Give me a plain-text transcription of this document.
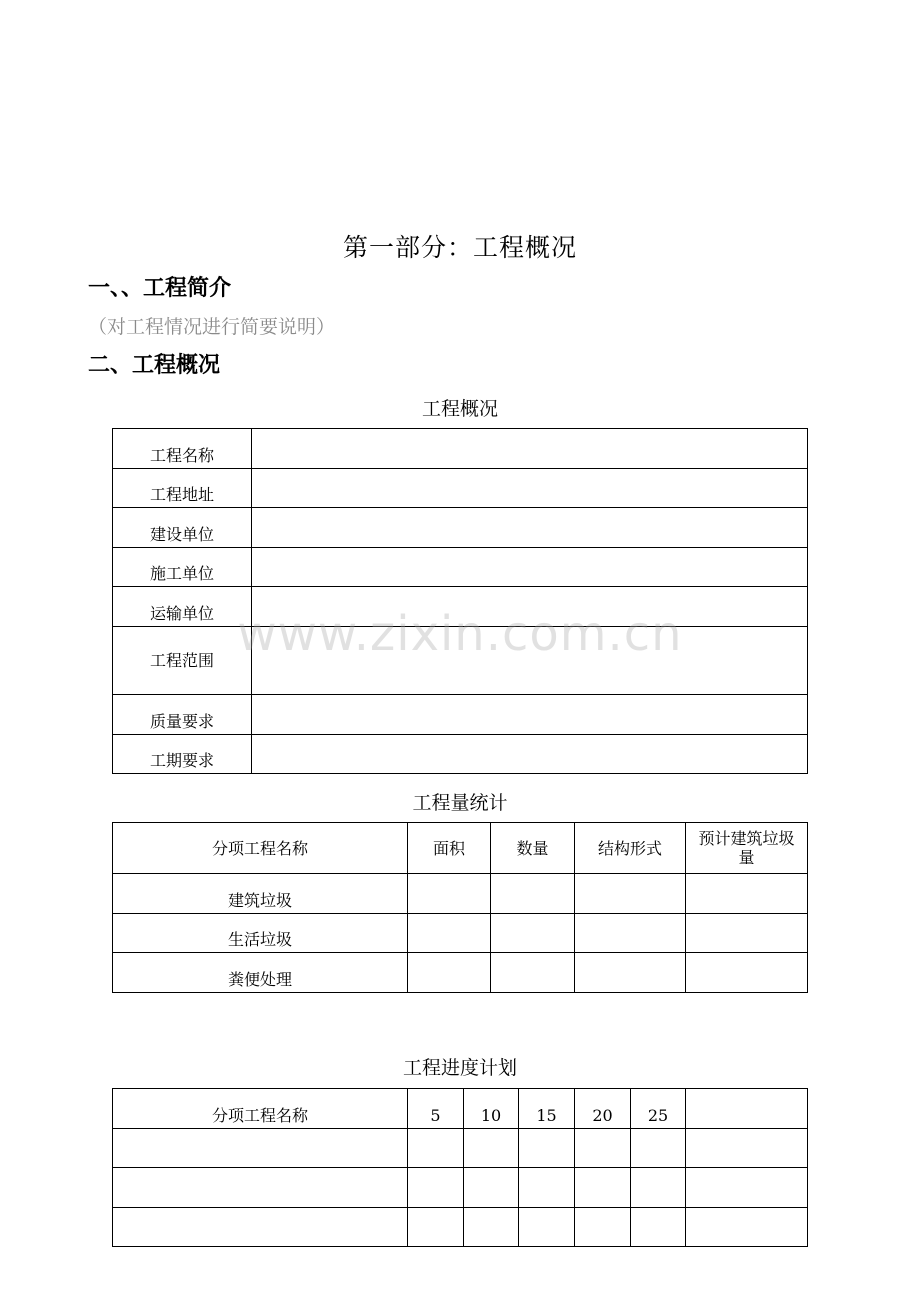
第一部分：工程概况
一、、工程简介
（对工程情况进行简要说明）
二、工程概况
工程概况
工程名称	
工程地址	
建设单位	
施工单位	
运输单位	
工程范围	
质量要求	
工期要求	
工程量统计
分项工程名称	面积	数量	结构形式	预计建筑垃圾量
建筑垃圾				
生活垃圾				
粪便处理				
工程进度计划
分项工程名称	5	10	15	20	25	

www.zixin.com.cn
